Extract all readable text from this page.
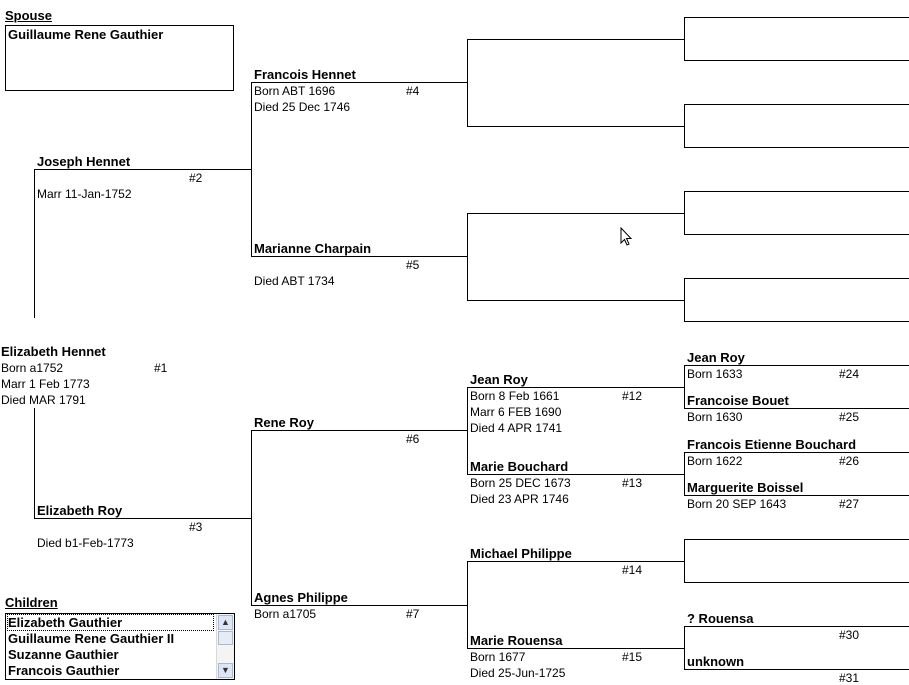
Spouse
Guillaume Rene Gauthier
Joseph Hennet
#2
Marr 11-Jan-1752
Francois Hennet
Born ABT 1696	#4
Died 25 Dec 1746
Marianne Charpain
#5
Died ABT 1734
Elizabeth Hennet
Born a1752	#1
Marr 1 Feb 1773
Died MAR 1791
Elizabeth Roy
#3
Died b1-Feb-1773
Rene Roy
#6
Agnes Philippe
Born a1705	#7
Jean Roy
Born 8 Feb 1661	#12
Marr 6 FEB 1690
Died 4 APR 1741
Marie Bouchard
Born 25 DEC 1673	#13
Died 23 APR 1746
Michael Philippe
#14
Marie Rouensa
Born 1677	#15
Died 25-Jun-1725
Jean Roy
Born 1633	#24
Francoise Bouet
Born 1630	#25
Francois Etienne Bouchard
Born 1622	#26
Marguerite Boissel
Born 20 SEP 1643	#27
? Rouensa
#30
unknown
#31
Children
Elizabeth Gauthier
Guillaume Rene Gauthier II
Suzanne Gauthier
Francois Gauthier
▲
▼
